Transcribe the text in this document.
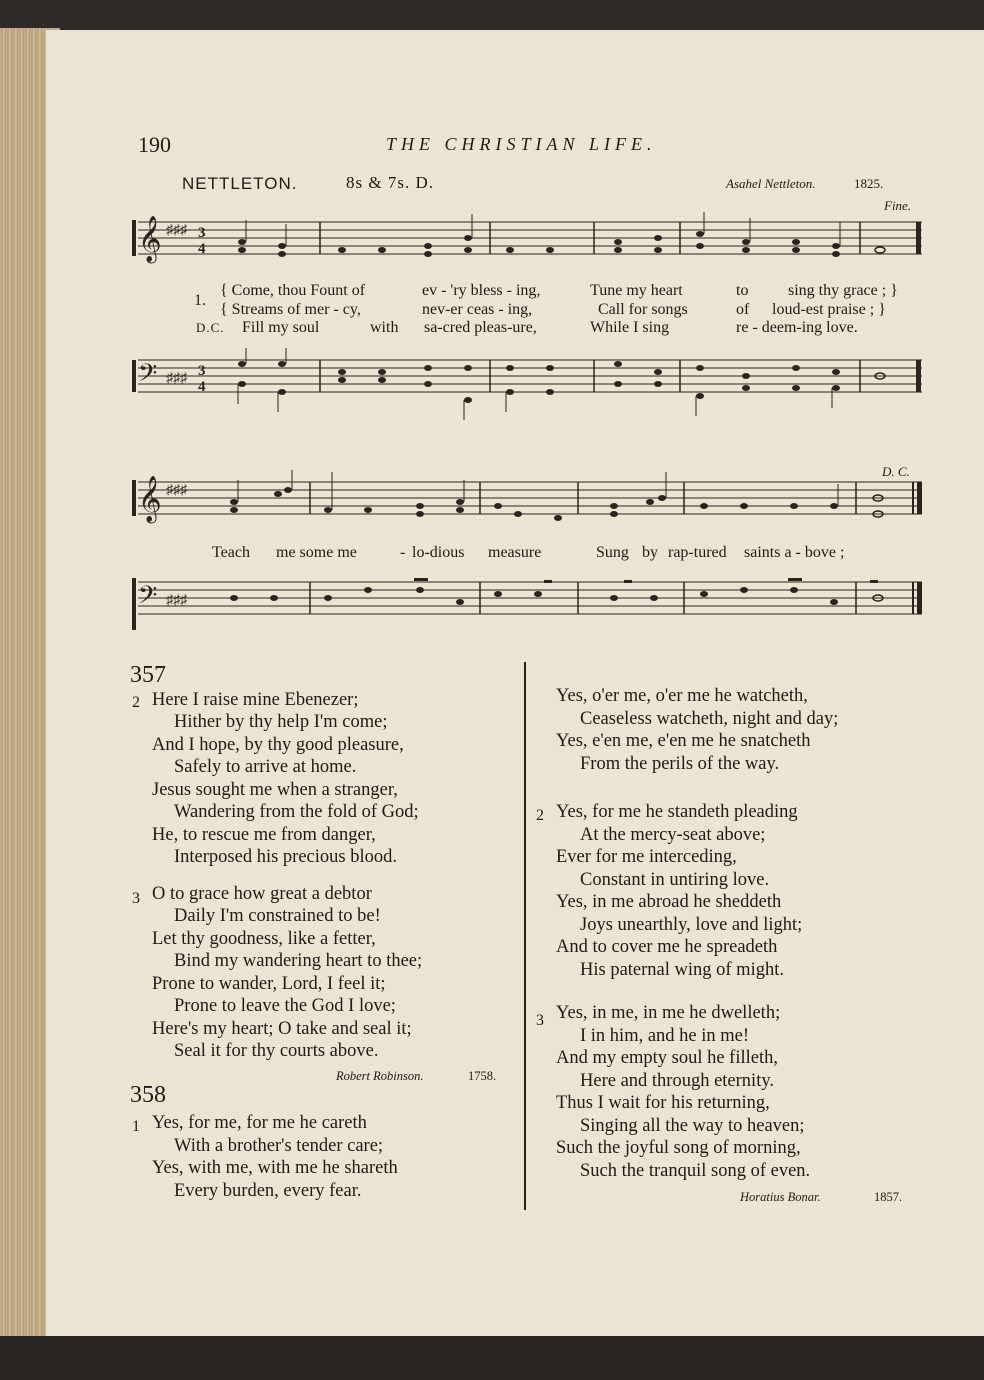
190	THE CHRISTIAN LIFE.
NETTLETON.	8s & 7s. D.	Asahel Nettleton.	1825.
Fine.
𝄞 ♯♯♯ 3
4
1.
D.C.
{ Come, thou Fount of	ev - 'ry bless - ing,	Tune my heart	to sing thy grace ; }
{ Streams of mer - cy,	nev-er ceas - ing,	Call for songs	of loud-est praise ; }
Fill my soul	with sa-cred pleas-ure,	While I sing	re - deem-ing love.
𝄢 ♯♯♯ 3
4
𝄞 ♯♯♯
D. C.
Teach me some me	- lo-dious measure	Sung by rap-tured saints a - bove ;
𝄢 ♯♯♯
357
2 Here I raise mine Ebenezer;
Hither by thy help I'm come;
And I hope, by thy good pleasure,
Safely to arrive at home.
Jesus sought me when a stranger,
Wandering from the fold of God;
He, to rescue me from danger,
Interposed his precious blood.
3 O to grace how great a debtor
Daily I'm constrained to be!
Let thy goodness, like a fetter,
Bind my wandering heart to thee;
Prone to wander, Lord, I feel it;
Prone to leave the God I love;
Here's my heart; O take and seal it;
Seal it for thy courts above.
Robert Robinson.	1758.
358
1 Yes, for me, for me he careth
With a brother's tender care;
Yes, with me, with me he shareth
Every burden, every fear.
Yes, o'er me, o'er me he watcheth,
Ceaseless watcheth, night and day;
Yes, e'en me, e'en me he snatcheth
From the perils of the way.
2 Yes, for me he standeth pleading
At the mercy-seat above;
Ever for me interceding,
Constant in untiring love.
Yes, in me abroad he sheddeth
Joys unearthly, love and light;
And to cover me he spreadeth
His paternal wing of might.
3 Yes, in me, in me he dwelleth;
I in him, and he in me!
And my empty soul he filleth,
Here and through eternity.
Thus I wait for his returning,
Singing all the way to heaven;
Such the joyful song of morning,
Such the tranquil song of even.
Horatius Bonar.	1857.
